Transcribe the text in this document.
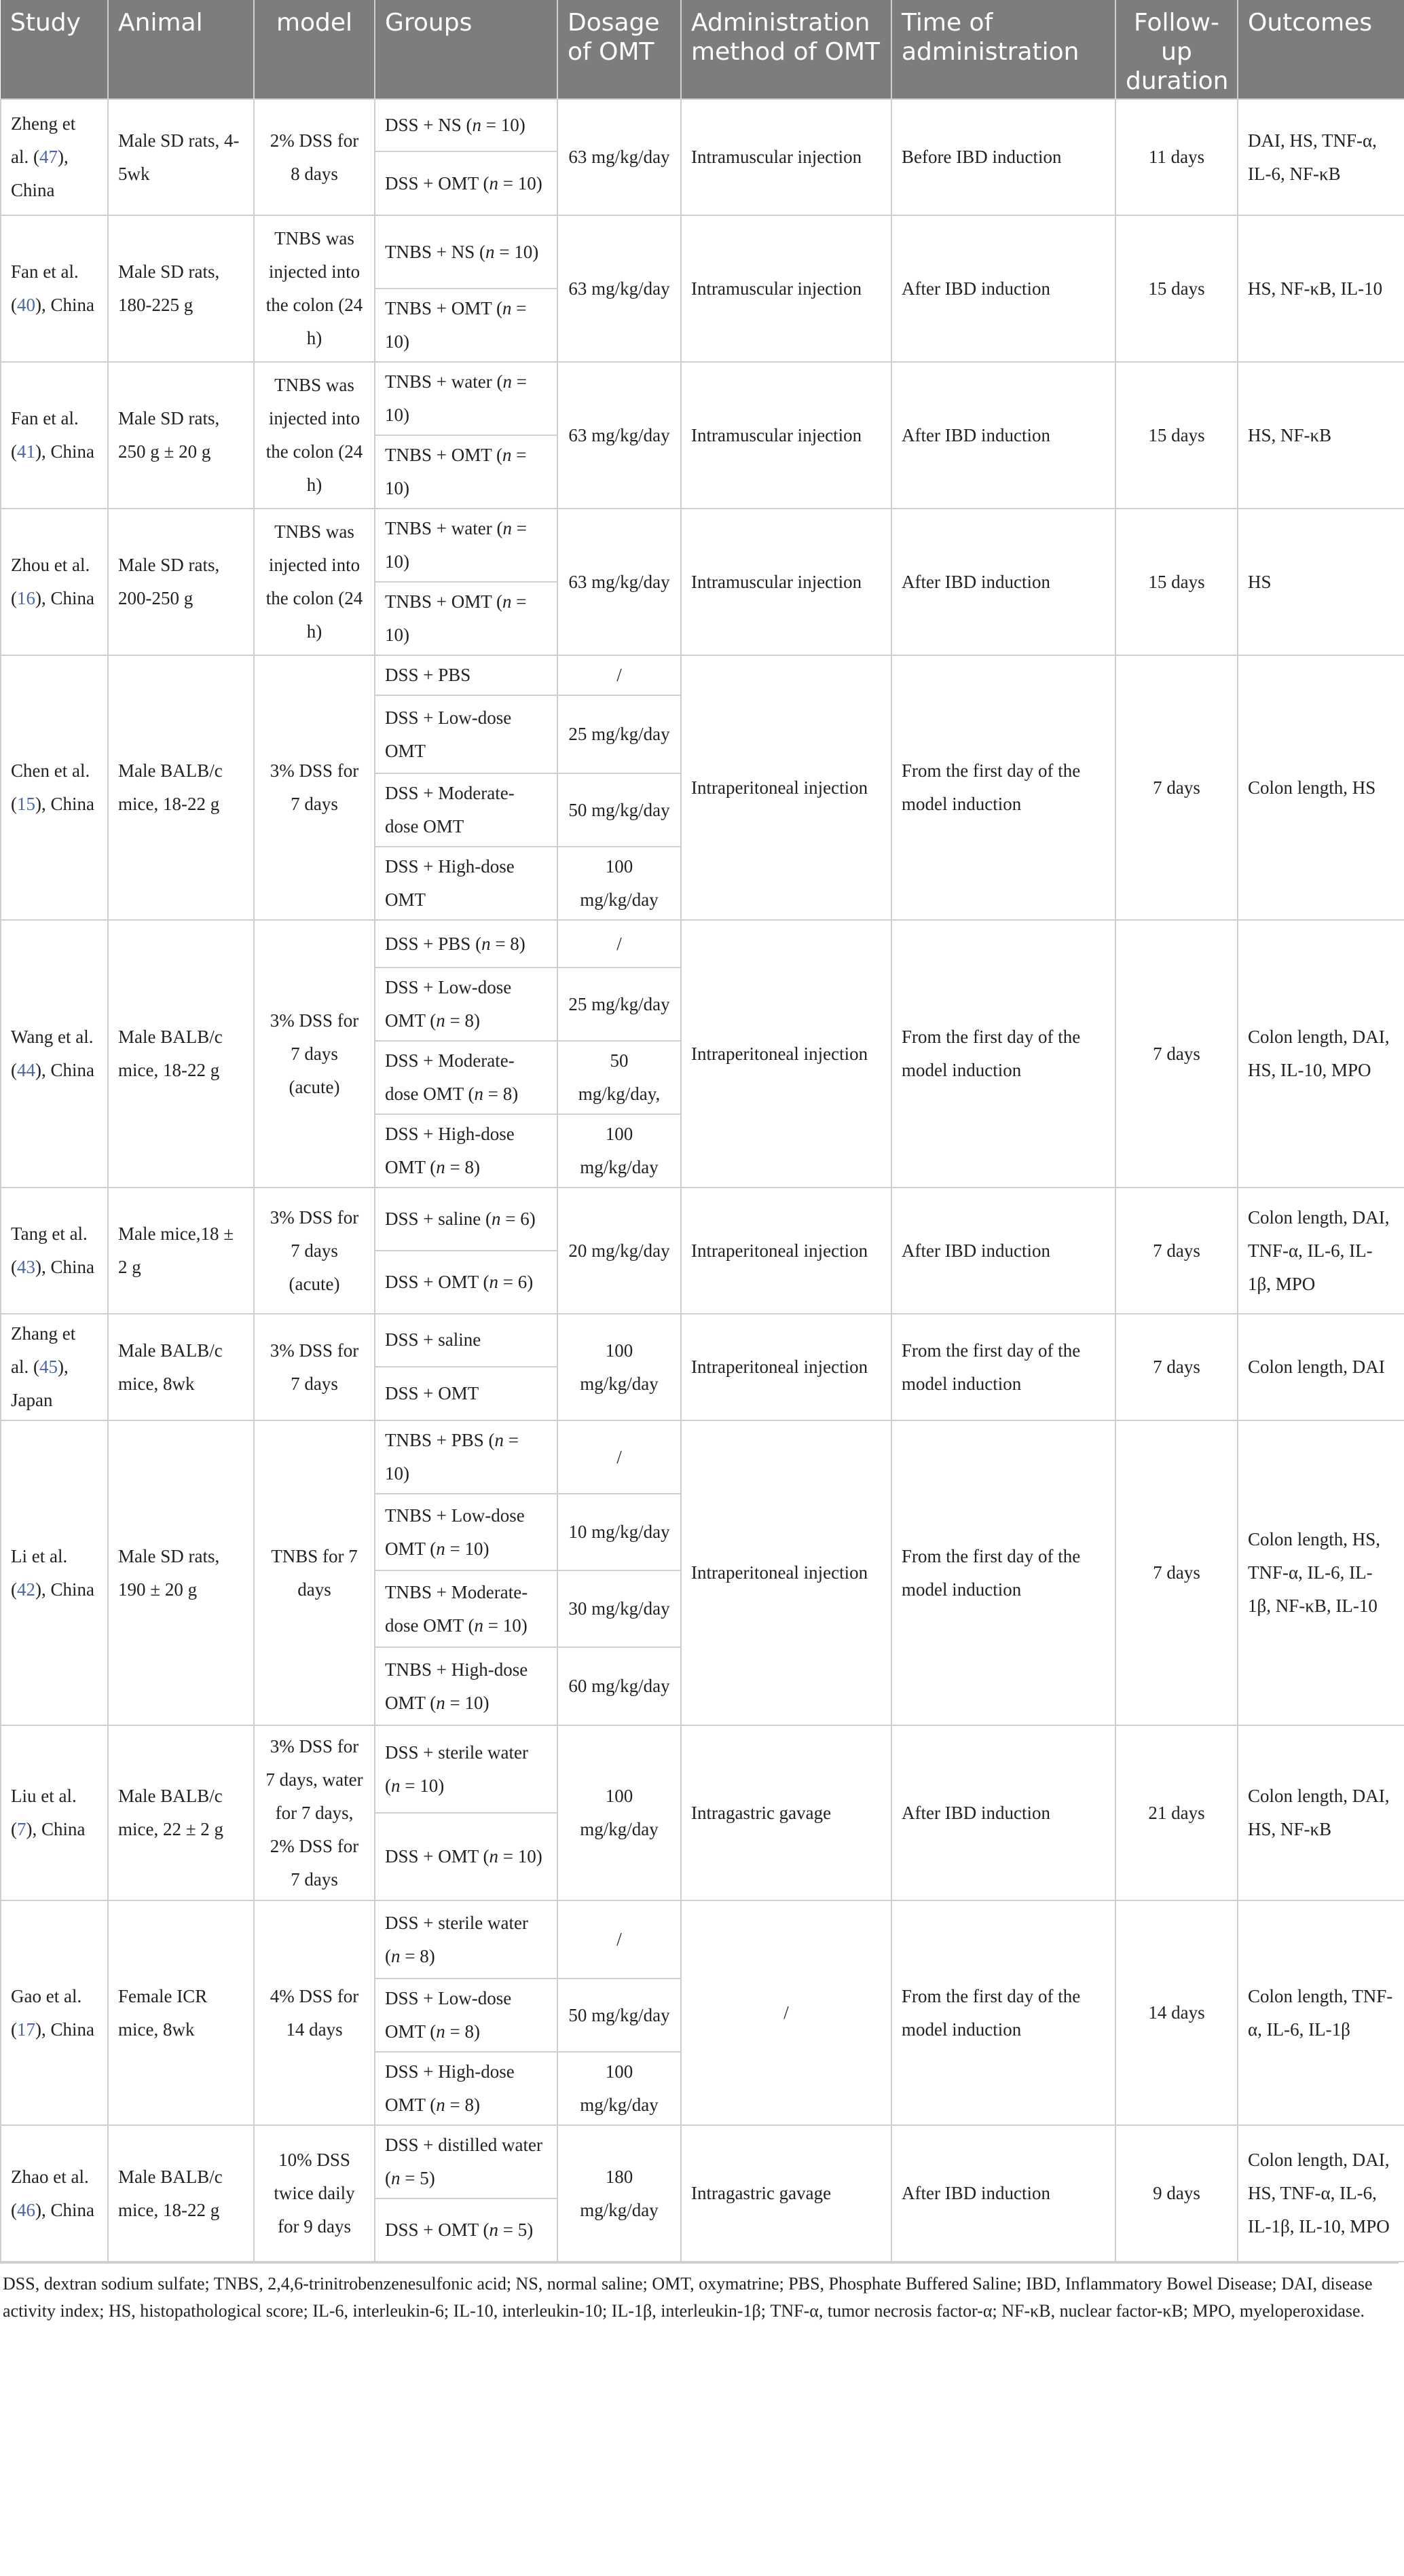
Study	Animal	model	Groups	Dosage of OMT	Administration method of OMT	Time of administration	Follow-up duration	Outcomes
Zheng et al. (47), China	Male SD rats, 4-5wk	2% DSS for 8 days	DSS + NS (n = 10)	63 mg/kg/day	Intramuscular injection	Before IBD induction	11 days	DAI, HS, TNF-α, IL-6, NF-κB
			DSS + OMT (n = 10)					
Fan et al. (40), China	Male SD rats, 180-225 g	TNBS was injected into the colon (24 h)	TNBS + NS (n = 10)	63 mg/kg/day	Intramuscular injection	After IBD induction	15 days	HS, NF-κB, IL-10
			TNBS + OMT (n = 10)					
Fan et al. (41), China	Male SD rats, 250 g ± 20 g	TNBS was injected into the colon (24 h)	TNBS + water (n = 10)	63 mg/kg/day	Intramuscular injection	After IBD induction	15 days	HS, NF-κB
			TNBS + OMT (n = 10)					
Zhou et al. (16), China	Male SD rats, 200-250 g	TNBS was injected into the colon (24 h)	TNBS + water (n = 10)	63 mg/kg/day	Intramuscular injection	After IBD induction	15 days	HS
			TNBS + OMT (n = 10)					
Chen et al. (15), China	Male BALB/c mice, 18-22 g	3% DSS for 7 days	DSS + PBS	/	Intraperitoneal injection	From the first day of the model induction	7 days	Colon length, HS
			DSS + Low-dose OMT	25 mg/kg/day				
			DSS + Moderate-dose OMT	50 mg/kg/day				
			DSS + High-dose OMT	100 mg/kg/day				
Wang et al. (44), China	Male BALB/c mice, 18-22 g	3% DSS for 7 days (acute)	DSS + PBS (n = 8)	/	Intraperitoneal injection	From the first day of the model induction	7 days	Colon length, DAI, HS, IL-10, MPO
			DSS + Low-dose OMT (n = 8)	25 mg/kg/day				
			DSS + Moderate-dose OMT (n = 8)	50 mg/kg/day,				
			DSS + High-dose OMT (n = 8)	100 mg/kg/day				
Tang et al. (43), China	Male mice,18 ± 2 g	3% DSS for 7 days (acute)	DSS + saline (n = 6)	20 mg/kg/day	Intraperitoneal injection	After IBD induction	7 days	Colon length, DAI, TNF-α, IL-6, IL-1β, MPO
			DSS + OMT (n = 6)					
Zhang et al. (45), Japan	Male BALB/c mice, 8wk	3% DSS for 7 days	DSS + saline	100 mg/kg/day	Intraperitoneal injection	From the first day of the model induction	7 days	Colon length, DAI
			DSS + OMT					
Li et al. (42), China	Male SD rats, 190 ± 20 g	TNBS for 7 days	TNBS + PBS (n = 10)	/	Intraperitoneal injection	From the first day of the model induction	7 days	Colon length, HS, TNF-α, IL-6, IL-1β, NF-κB, IL-10
			TNBS + Low-dose OMT (n = 10)	10 mg/kg/day				
			TNBS + Moderate-dose OMT (n = 10)	30 mg/kg/day				
			TNBS + High-dose OMT (n = 10)	60 mg/kg/day				
Liu et al. (7), China	Male BALB/c mice, 22 ± 2 g	3% DSS for 7 days, water for 7 days, 2% DSS for 7 days	DSS + sterile water (n = 10)	100 mg/kg/day	Intragastric gavage	After IBD induction	21 days	Colon length, DAI, HS, NF-κB
			DSS + OMT (n = 10)					
Gao et al. (17), China	Female ICR mice, 8wk	4% DSS for 14 days	DSS + sterile water (n = 8)	/	/	From the first day of the model induction	14 days	Colon length, TNF-α, IL-6, IL-1β
			DSS + Low-dose OMT (n = 8)	50 mg/kg/day				
			DSS + High-dose OMT (n = 8)	100 mg/kg/day				
Zhao et al. (46), China	Male BALB/c mice, 18-22 g	10% DSS twice daily for 9 days	DSS + distilled water (n = 5)	180 mg/kg/day	Intragastric gavage	After IBD induction	9 days	Colon length, DAI, HS, TNF-α, IL-6, IL-1β, IL-10, MPO
			DSS + OMT (n = 5)					
DSS, dextran sodium sulfate; TNBS, 2,4,6-trinitrobenzenesulfonic acid; NS, normal saline; OMT, oxymatrine; PBS, Phosphate Buffered Saline; IBD, Inflammatory Bowel Disease; DAI, disease activity index; HS, histopathological score; IL-6, interleukin-6; IL-10, interleukin-10; IL-1β, interleukin-1β; TNF-α, tumor necrosis factor-α; NF-κB, nuclear factor-κB; MPO, myeloperoxidase.
